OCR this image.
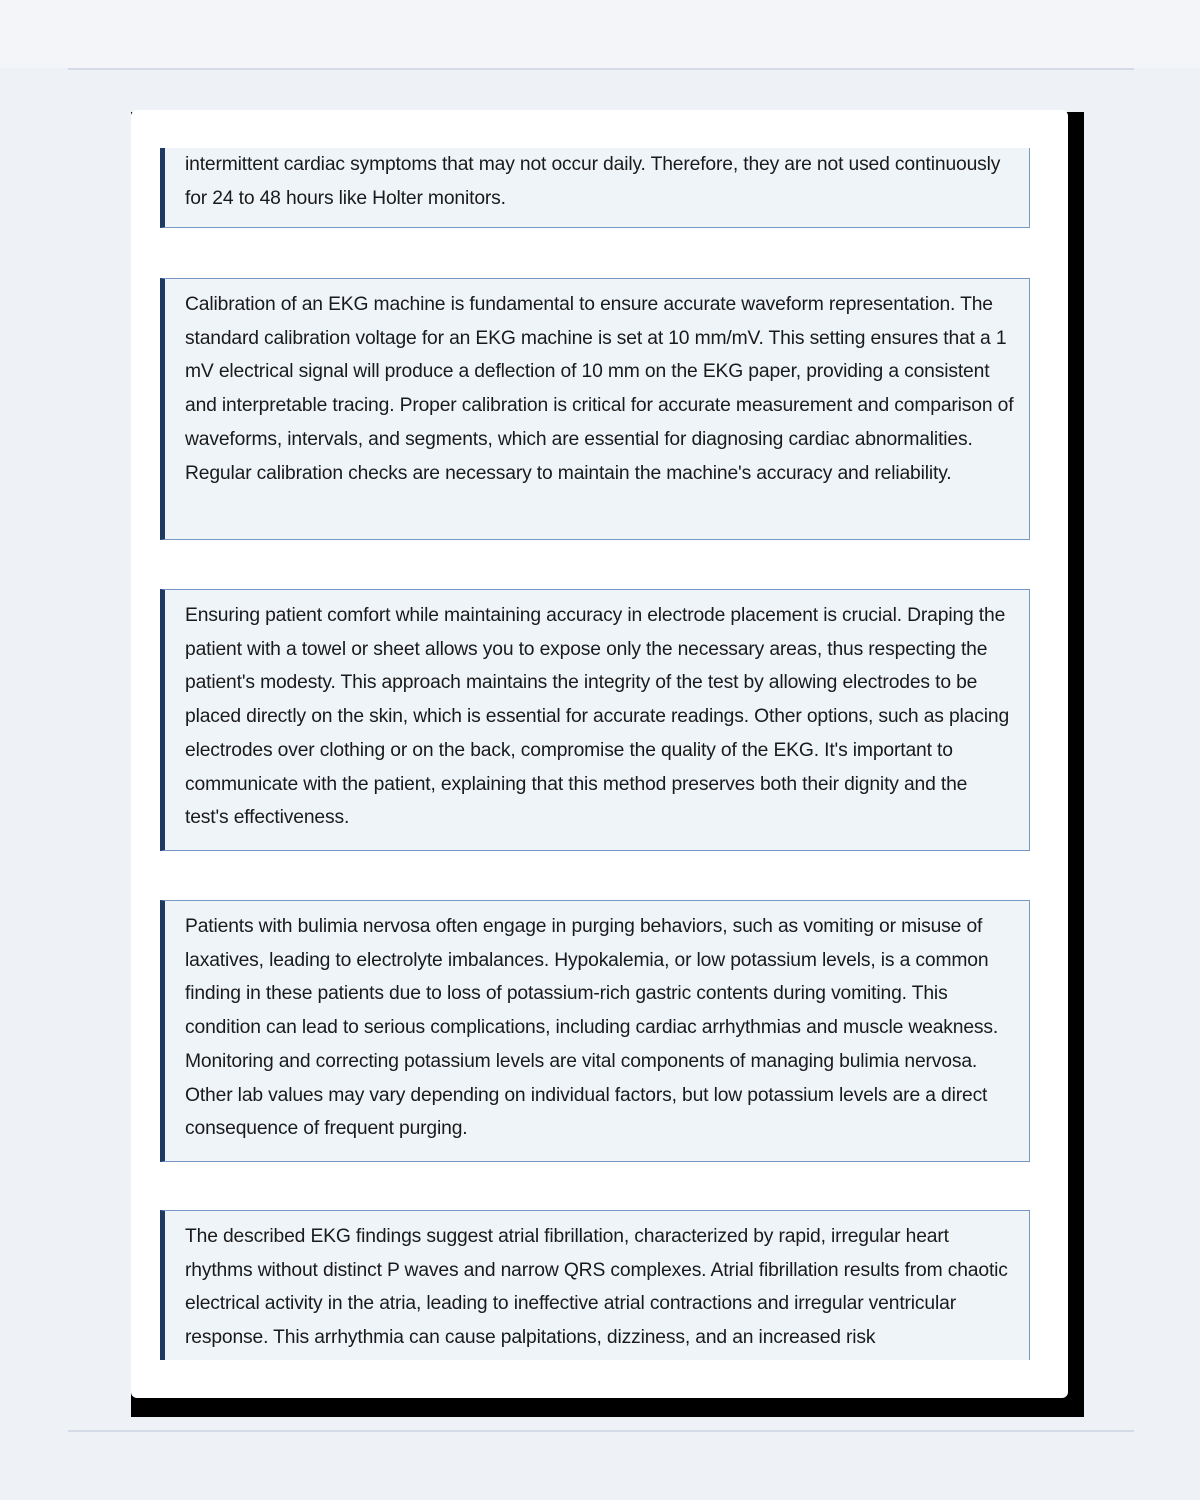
intermittent cardiac symptoms that may not occur daily. Therefore, they are not used continuously for 24 to 48 hours like Holter monitors.

Calibration of an EKG machine is fundamental to ensure accurate waveform representation. The standard calibration voltage for an EKG machine is set at 10 mm/mV. This setting ensures that a 1 mV electrical signal will produce a deflection of 10 mm on the EKG paper, providing a consistent and interpretable tracing. Proper calibration is critical for accurate measurement and comparison of waveforms, intervals, and segments, which are essential for diagnosing cardiac abnormalities. Regular calibration checks are necessary to maintain the machine's accuracy and reliability.

Ensuring patient comfort while maintaining accuracy in electrode placement is crucial. Draping the patient with a towel or sheet allows you to expose only the necessary areas, thus respecting the patient's modesty. This approach maintains the integrity of the test by allowing electrodes to be placed directly on the skin, which is essential for accurate readings. Other options, such as placing electrodes over clothing or on the back, compromise the quality of the EKG. It's important to communicate with the patient, explaining that this method preserves both their dignity and the test's effectiveness.

Patients with bulimia nervosa often engage in purging behaviors, such as vomiting or misuse of laxatives, leading to electrolyte imbalances. Hypokalemia, or low potassium levels, is a common finding in these patients due to loss of potassium-rich gastric contents during vomiting. This condition can lead to serious complications, including cardiac arrhythmias and muscle weakness. Monitoring and correcting potassium levels are vital components of managing bulimia nervosa. Other lab values may vary depending on individual factors, but low potassium levels are a direct consequence of frequent purging.

The described EKG findings suggest atrial fibrillation, characterized by rapid, irregular heart rhythms without distinct P waves and narrow QRS complexes. Atrial fibrillation results from chaotic electrical activity in the atria, leading to ineffective atrial contractions and irregular ventricular response. This arrhythmia can cause palpitations, dizziness, and an increased risk
